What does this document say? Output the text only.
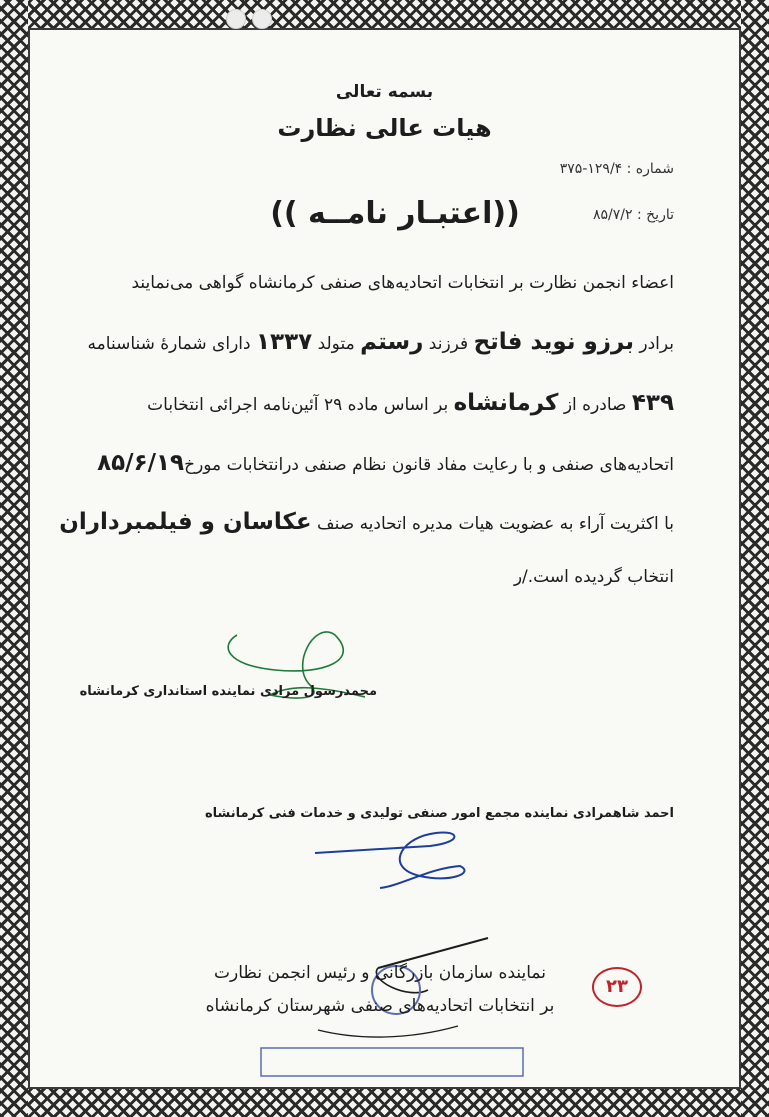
بسمه تعالی
هیات عالی نظارت
شماره : ۱۲۹/۴-۳۷۵
تاریخ : ۸۵/۷/۲
((اعتبـار نامــه ))
اعضاء انجمن نظارت بر انتخابات اتحادیه‌های صنفی کرمانشاه گواهی می‌نمایند
برادر برزو نوید فاتح فرزند رستم متولد ۱۳۳۷ دارای شمارهٔ شناسنامه
۴۳۹ صادره از کرمانشاه بر اساس ماده ۲۹ آئین‌نامه اجرائی انتخابات
اتحادیه‌های صنفی و با رعایت مفاد قانون نظام صنفی درانتخابات مورخ۸۵/۶/۱۹
با اکثریت آراء به عضویت هیات مدیره اتحادیه صنف عکاسان و فیلمبرداران
انتخاب گردیده است./ر
محمدرسول مرادی نماینده استانداری کرمانشاه
احمد شاهمرادی نماینده مجمع امور صنفی تولیدی و خدمات فنی کرمانشاه
نماینده سازمان بازرگانی و رئیس انجمن نظارت
بر انتخابات اتحادیه‌های صنفی شهرستان کرمانشاه
۲۳
